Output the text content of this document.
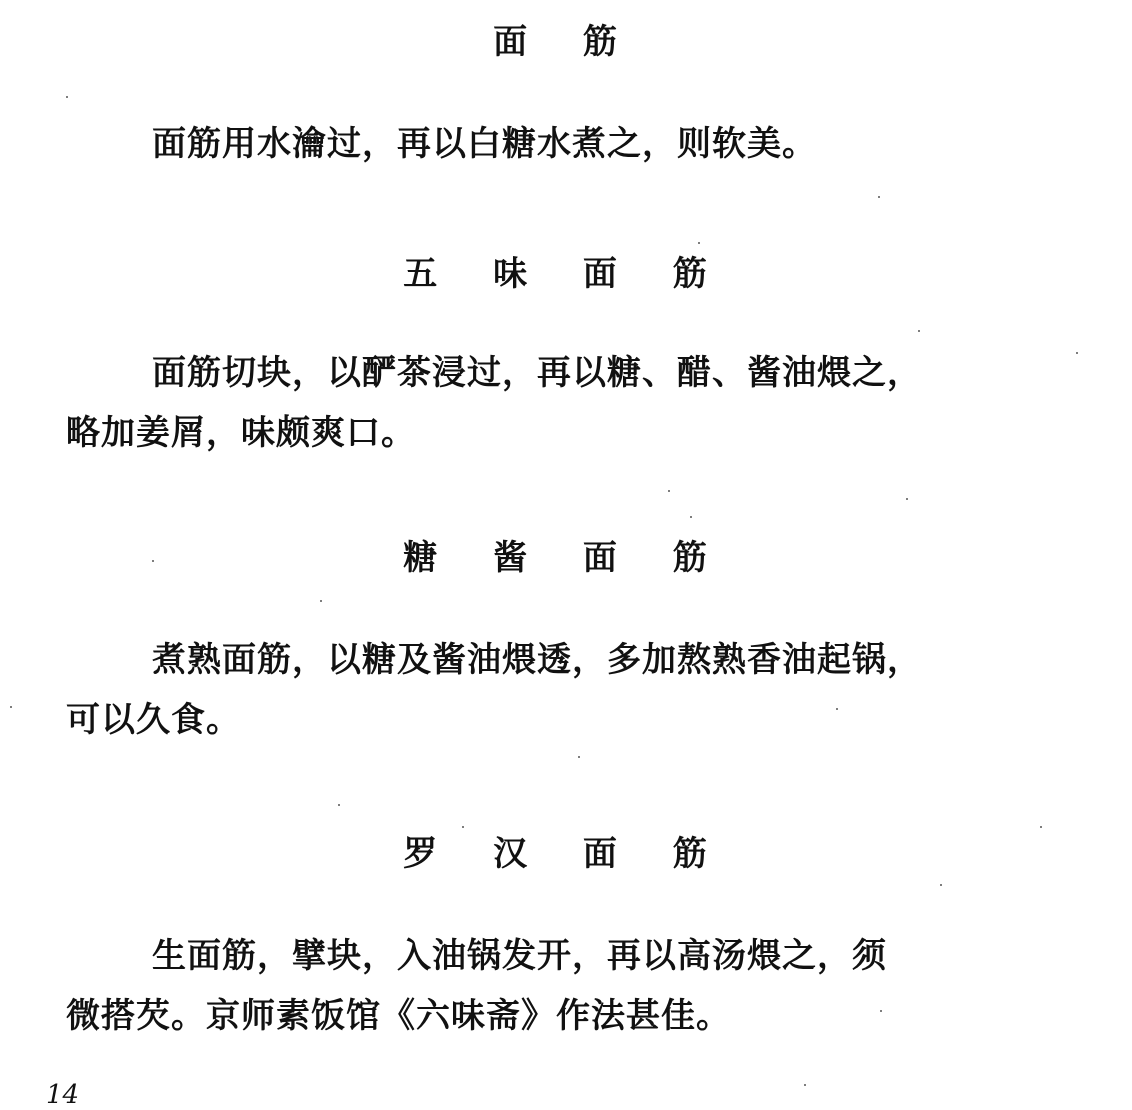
面 筋
面筋用水瀹过，再以白糖水煮之，则软美。
五 味 面 筋
面筋切块，以酽茶浸过，再以糖、醋、酱油煨之，
略加姜屑，味颇爽口。
糖 酱 面 筋
煮熟面筋，以糖及酱油煨透，多加熬熟香油起锅，
可以久食。
罗 汉 面 筋
生面筋，擘块，入油锅发开，再以高汤煨之，须
微搭芡。京师素饭馆《六味斋》作法甚佳。
14
